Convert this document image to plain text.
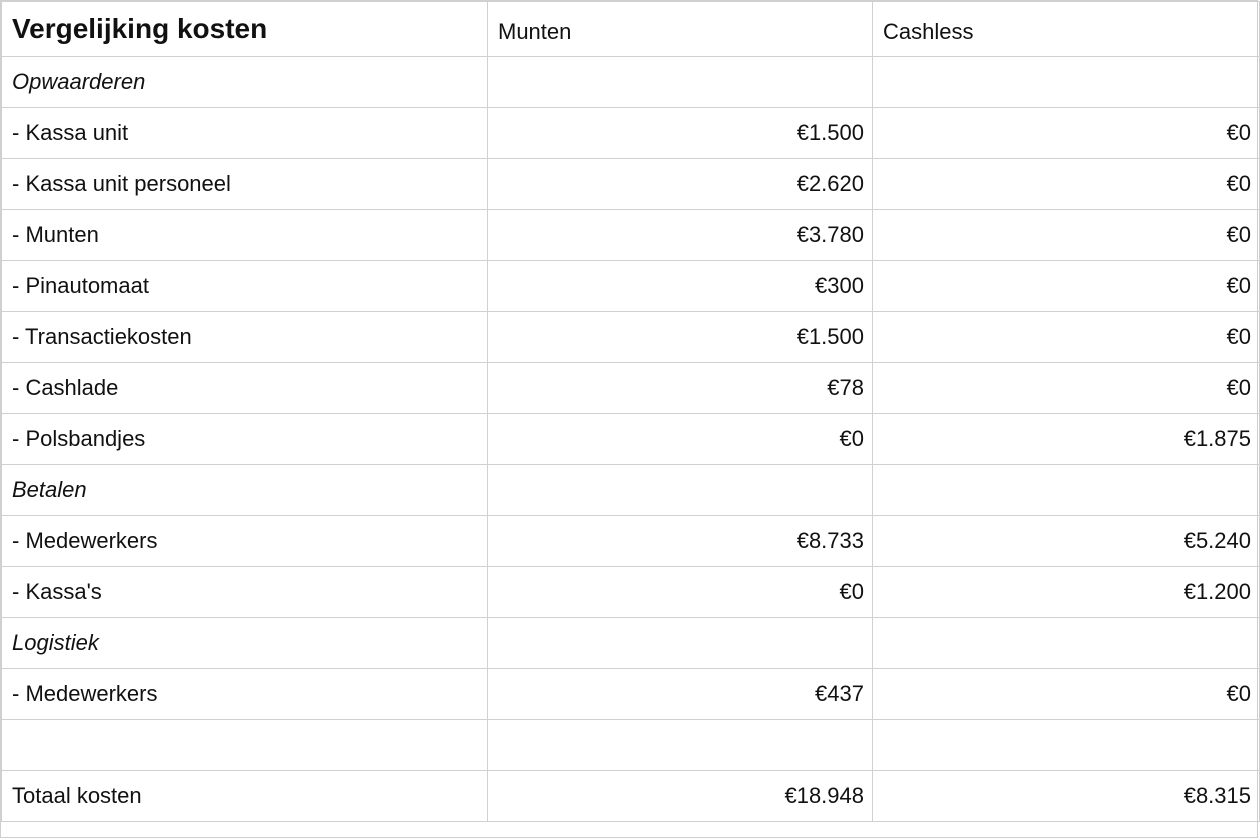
Vergelijking kosten	Munten	Cashless
Opwaarderen		
- Kassa unit	€1.500	€0
- Kassa unit personeel	€2.620	€0
- Munten	€3.780	€0
- Pinautomaat	€300	€0
- Transactiekosten	€1.500	€0
- Cashlade	€78	€0
- Polsbandjes	€0	€1.875
Betalen		
- Medewerkers	€8.733	€5.240
- Kassa's	€0	€1.200
Logistiek		
- Medewerkers	€437	€0

Totaal kosten	€18.948	€8.315
